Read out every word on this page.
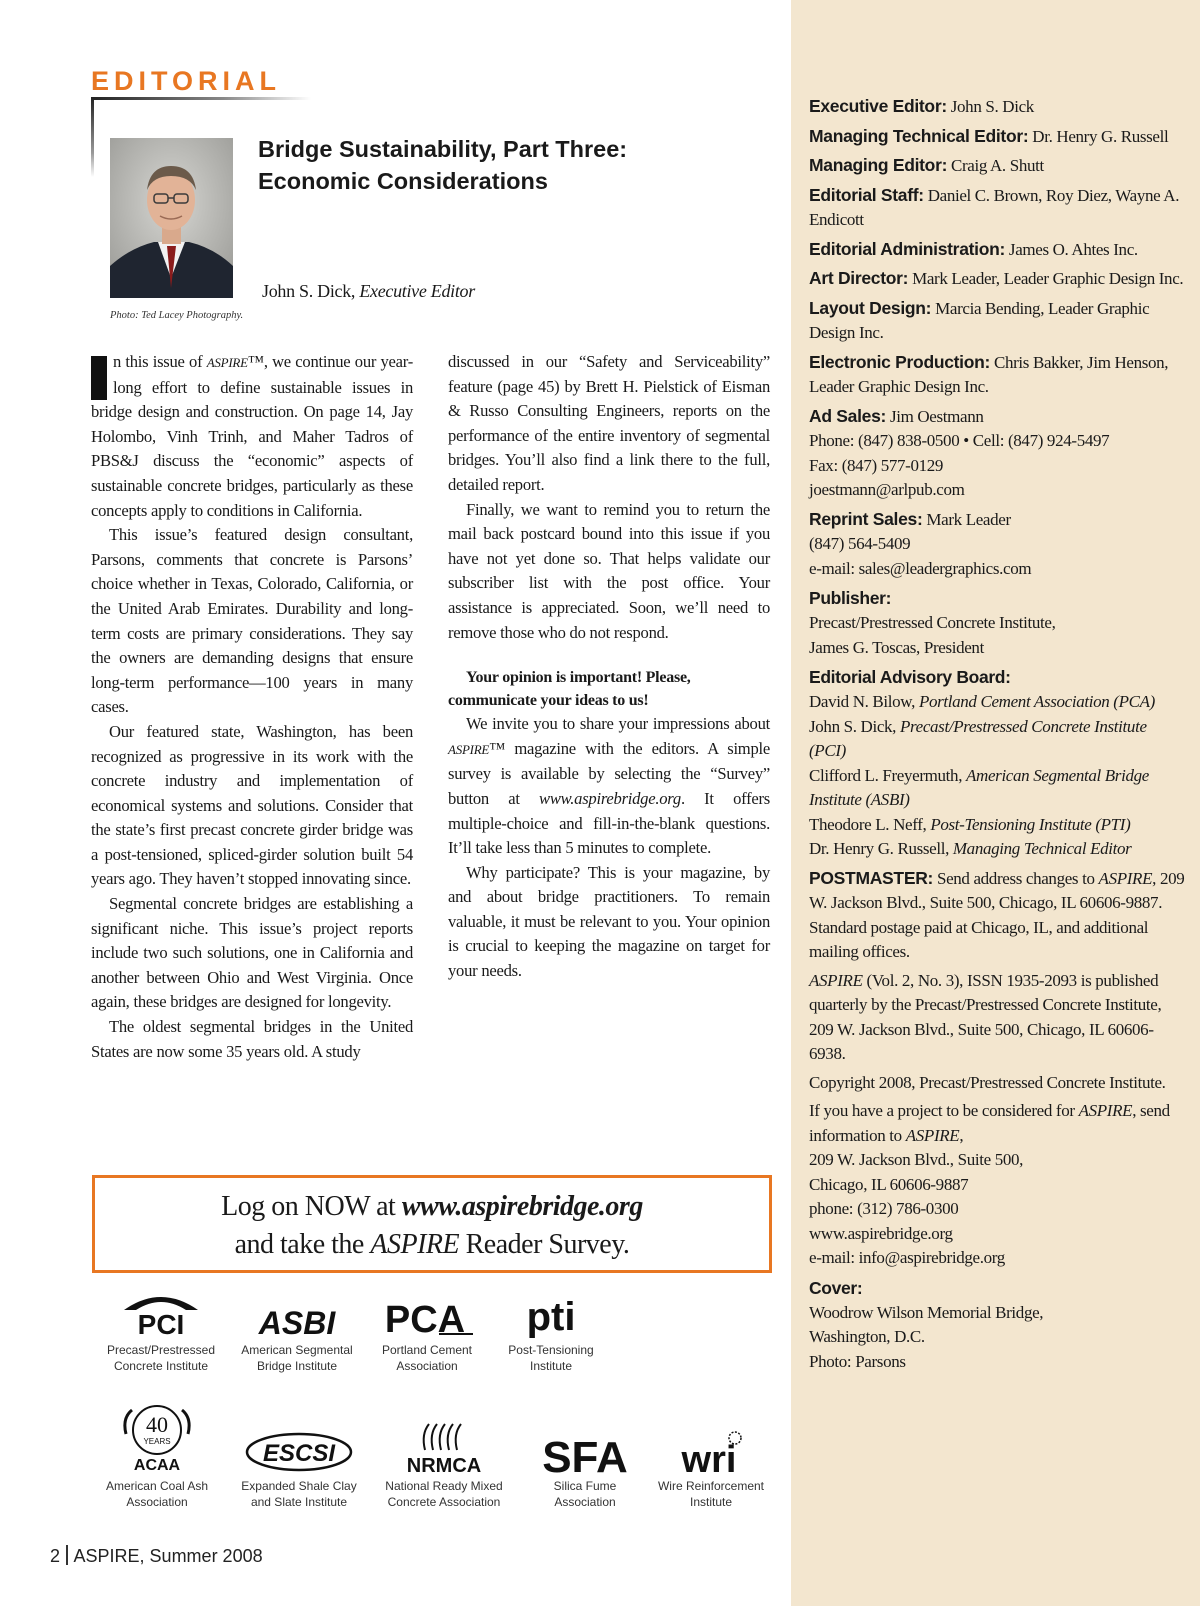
EDITORIAL
Photo: Ted Lacey Photography.
Bridge Sustainability, Part Three:
Economic Considerations
John S. Dick, Executive Editor

n this issue of ASPIRE™, we continue our year-long effort to define sustainable issues in bridge design and construction. On page 14, Jay Holombo, Vinh Trinh, and Maher Tadros of PBS&J discuss the “economic” aspects of sustainable concrete bridges, particularly as these concepts apply to conditions in California.

This issue’s featured design consultant, Parsons, comments that concrete is Parsons’ choice whether in Texas, Colorado, California, or the United Arab Emirates. Durability and long-term costs are primary considerations. They say the owners are demanding designs that ensure long-term performance—100 years in many cases.

Our featured state, Washington, has been recognized as progressive in its work with the concrete industry and implementation of economical systems and solutions. Consider that the state’s first precast concrete girder bridge was a post-tensioned, spliced-girder solution built 54 years ago. They haven’t stopped innovating since.

Segmental concrete bridges are establishing a significant niche. This issue’s project reports include two such solutions, one in California and another between Ohio and West Virginia. Once again, these bridges are designed for longevity.

The oldest segmental bridges in the United States are now some 35 years old. A study

discussed in our “Safety and Serviceability” feature (page 45) by Brett H. Pielstick of Eisman & Russo Consulting Engineers, reports on the performance of the entire inventory of segmental bridges. You’ll also find a link there to the full, detailed report.

Finally, we want to remind you to return the mail back postcard bound into this issue if you have not yet done so. That helps validate our subscriber list with the post office. Your assistance is appreciated. Soon, we’ll need to remove those who do not respond.

Your opinion is important! Please, communicate your ideas to us!

We invite you to share your impressions about ASPIRE™ magazine with the editors. A simple survey is available by selecting the “Survey” button at www.aspirebridge.org. It offers multiple-choice and fill-in-the-blank questions. It’ll take less than 5 minutes to complete.

Why participate? This is your magazine, by and about bridge practitioners. To remain valuable, it must be relevant to you. Your opinion is crucial to keeping the magazine on target for your needs.

Log on NOW at www.aspirebridge.org
and take the ASPIRE Reader Survey.
PCI
Precast/Prestressed
Concrete Institute
ASBI
American Segmental
Bridge Institute
PCA
Portland Cement
Association
pti
Post-Tensioning
Institute
40
YEARS
ACAA
American Coal Ash
Association
ESCSI
Expanded Shale Clay
and Slate Institute
NRMCA
National Ready Mixed
Concrete Association
SFA
Silica Fume
Association
wri
Wire Reinforcement
Institute
2 ASPIRE, Summer 2008
Executive Editor: John S. Dick
Managing Technical Editor: Dr. Henry G. Russell
Managing Editor: Craig A. Shutt
Editorial Staff: Daniel C. Brown, Roy Diez, Wayne A. Endicott
Editorial Administration: James O. Ahtes Inc.
Art Director: Mark Leader, Leader Graphic Design Inc.
Layout Design: Marcia Bending, Leader Graphic Design Inc.
Electronic Production: Chris Bakker, Jim Henson, Leader Graphic Design Inc.
Ad Sales: Jim Oestmann
Phone: (847) 838-0500 • Cell: (847) 924-5497
Fax: (847) 577-0129
joestmann@arlpub.com
Reprint Sales: Mark Leader
(847) 564-5409
e-mail: sales@leadergraphics.com
Publisher:
Precast/Prestressed Concrete Institute,
James G. Toscas, President
Editorial Advisory Board:
David N. Bilow, Portland Cement Association (PCA)
John S. Dick, Precast/Prestressed Concrete Institute (PCI)
Clifford L. Freyermuth, American Segmental Bridge Institute (ASBI)
Theodore L. Neff, Post-Tensioning Institute (PTI)
Dr. Henry G. Russell, Managing Technical Editor
POSTMASTER: Send address changes to ASPIRE, 209 W. Jackson Blvd., Suite 500, Chicago, IL 60606-9887. Standard postage paid at Chicago, IL, and additional mailing offices.
ASPIRE (Vol. 2, No. 3), ISSN 1935-2093 is published quarterly by the Precast/Prestressed Concrete Institute, 209 W. Jackson Blvd., Suite 500, Chicago, IL 60606-6938.
Copyright 2008, Precast/Prestressed Concrete Institute.
If you have a project to be considered for ASPIRE, send information to ASPIRE,
209 W. Jackson Blvd., Suite 500,
Chicago, IL 60606-9887
phone: (312) 786-0300
www.aspirebridge.org
e-mail: info@aspirebridge.org
Cover:
Woodrow Wilson Memorial Bridge,
Washington, D.C.
Photo: Parsons
